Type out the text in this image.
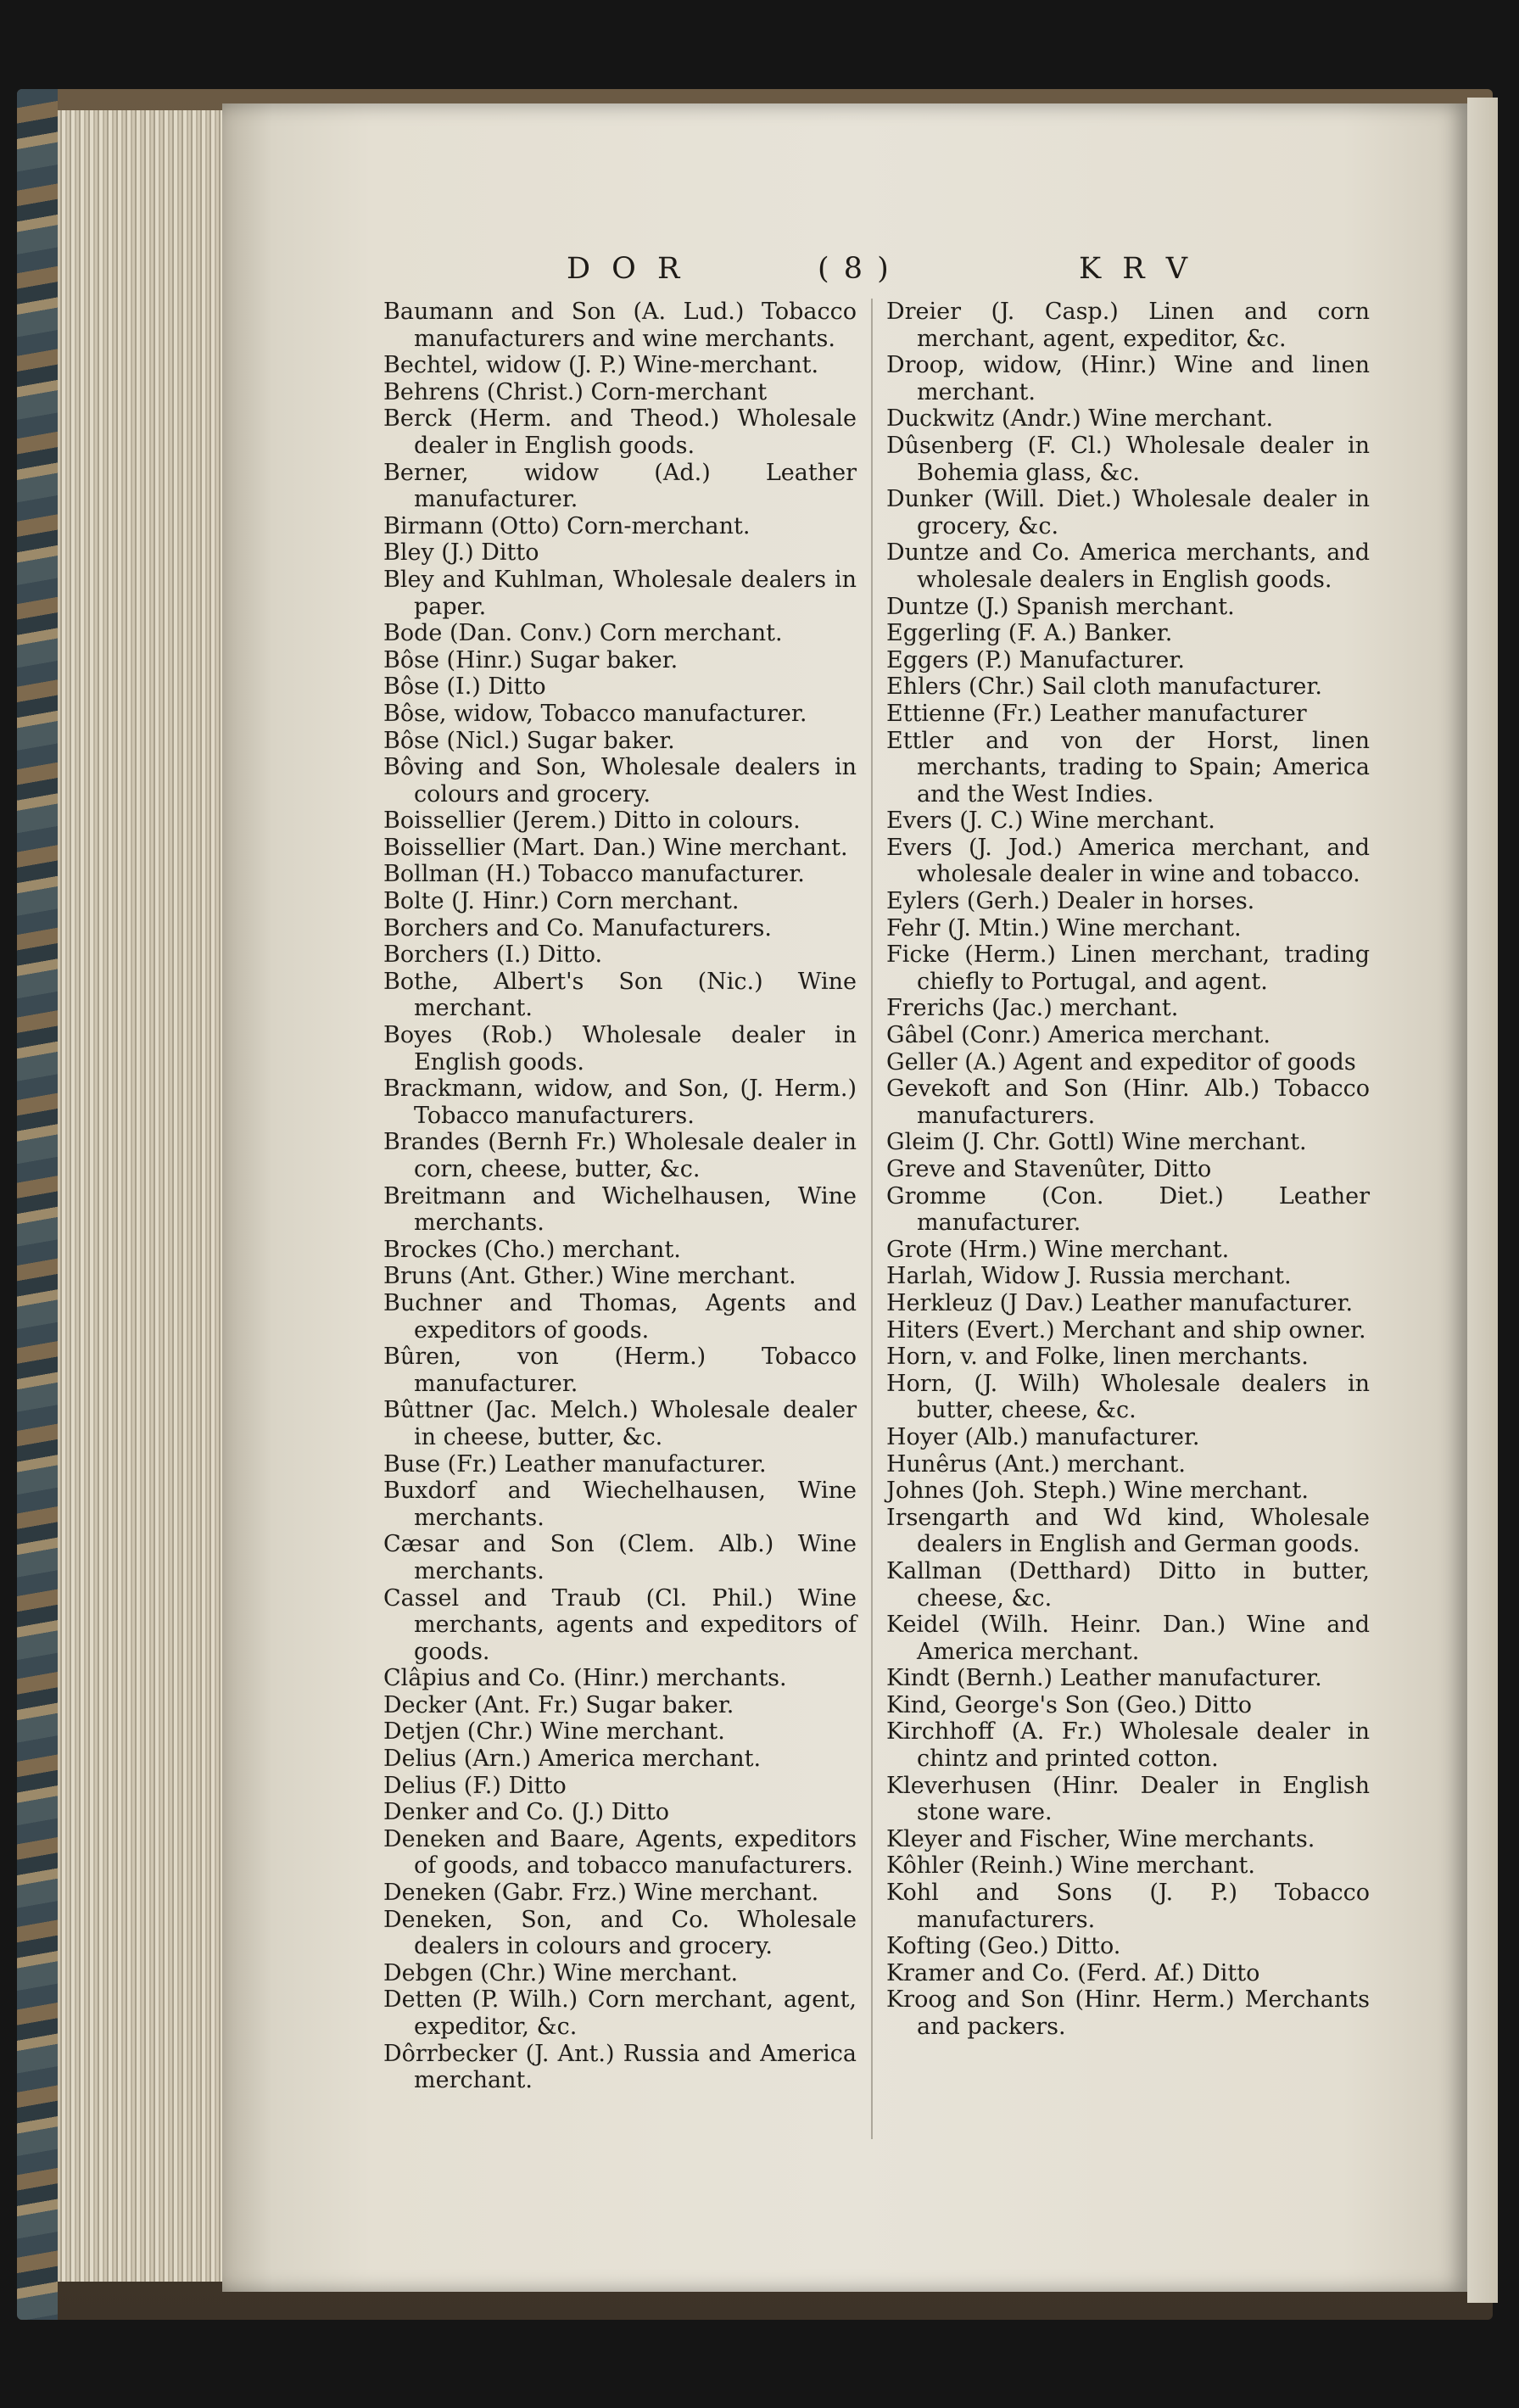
D O R	( 8 )	K R V

Baumann and Son (A. Lud.) Tobacco manufacturers and wine merchants.

Bechtel, widow (J. P.) Wine-merchant.

Behrens (Christ.) Corn-merchant

Berck (Herm. and Theod.) Wholesale dealer in English goods.

Berner, widow (Ad.) Leather manufacturer.

Birmann (Otto) Corn-merchant.

Bley (J.) Ditto

Bley and Kuhlman, Wholesale dealers in paper.

Bode (Dan. Conv.) Corn merchant.

Bôse (Hinr.) Sugar baker.

Bôse (I.) Ditto

Bôse, widow, Tobacco manufacturer.

Bôse (Nicl.) Sugar baker.

Bôving and Son, Wholesale dealers in colours and grocery.

Boissellier (Jerem.) Ditto in colours.

Boissellier (Mart. Dan.) Wine merchant.

Bollman (H.) Tobacco manufacturer.

Bolte (J. Hinr.) Corn merchant.

Borchers and Co. Manufacturers.

Borchers (I.) Ditto.

Bothe, Albert's Son (Nic.) Wine merchant.

Boyes (Rob.) Wholesale dealer in English goods.

Brackmann, widow, and Son, (J. Herm.) Tobacco manufacturers.

Brandes (Bernh Fr.) Wholesale dealer in corn, cheese, butter, &c.

Breitmann and Wichelhausen, Wine merchants.

Brockes (Cho.) merchant.

Bruns (Ant. Gther.) Wine merchant.

Buchner and Thomas, Agents and expeditors of goods.

Bûren, von (Herm.) Tobacco manufacturer.

Bûttner (Jac. Melch.) Wholesale dealer in cheese, butter, &c.

Buse (Fr.) Leather manufacturer.

Buxdorf and Wiechelhausen, Wine merchants.

Cæsar and Son (Clem. Alb.) Wine merchants.

Cassel and Traub (Cl. Phil.) Wine merchants, agents and expeditors of goods.

Clâpius and Co. (Hinr.) merchants.

Decker (Ant. Fr.) Sugar baker.

Detjen (Chr.) Wine merchant.

Delius (Arn.) America merchant.

Delius (F.) Ditto

Denker and Co. (J.) Ditto

Deneken and Baare, Agents, expeditors of goods, and tobacco manufacturers.

Deneken (Gabr. Frz.) Wine merchant.

Deneken, Son, and Co. Wholesale dealers in colours and grocery.

Debgen (Chr.) Wine merchant.

Detten (P. Wilh.) Corn merchant, agent, expeditor, &c.

Dôrrbecker (J. Ant.) Russia and America merchant.

Dreier (J. Casp.) Linen and corn merchant, agent, expeditor, &c.

Droop, widow, (Hinr.) Wine and linen merchant.

Duckwitz (Andr.) Wine merchant.

Dûsenberg (F. Cl.) Wholesale dealer in Bohemia glass, &c.

Dunker (Will. Diet.) Wholesale dealer in grocery, &c.

Duntze and Co. America merchants, and wholesale dealers in English goods.

Duntze (J.) Spanish merchant.

Eggerling (F. A.) Banker.

Eggers (P.) Manufacturer.

Ehlers (Chr.) Sail cloth manufacturer.

Ettienne (Fr.) Leather manufacturer

Ettler and von der Horst, linen merchants, trading to Spain; America and the West Indies.

Evers (J. C.) Wine merchant.

Evers (J. Jod.) America merchant, and wholesale dealer in wine and tobacco.

Eylers (Gerh.) Dealer in horses.

Fehr (J. Mtin.) Wine merchant.

Ficke (Herm.) Linen merchant, trading chiefly to Portugal, and agent.

Frerichs (Jac.) merchant.

Gâbel (Conr.) America merchant.

Geller (A.) Agent and expeditor of goods

Gevekoft and Son (Hinr. Alb.) Tobacco manufacturers.

Gleim (J. Chr. Gottl) Wine merchant.

Greve and Stavenûter, Ditto

Gromme (Con. Diet.) Leather manufacturer.

Grote (Hrm.) Wine merchant.

Harlah, Widow J. Russia merchant.

Herkleuz (J Dav.) Leather manufacturer.

Hiters (Evert.) Merchant and ship owner.

Horn, v. and Folke, linen merchants.

Horn, (J. Wilh) Wholesale dealers in butter, cheese, &c.

Hoyer (Alb.) manufacturer.

Hunêrus (Ant.) merchant.

Johnes (Joh. Steph.) Wine merchant.

Irsengarth and Wd kind, Wholesale dealers in English and German goods.

Kallman (Detthard) Ditto in butter, cheese, &c.

Keidel (Wilh. Heinr. Dan.) Wine and America merchant.

Kindt (Bernh.) Leather manufacturer.

Kind, George's Son (Geo.) Ditto

Kirchhoff (A. Fr.) Wholesale dealer in chintz and printed cotton.

Kleverhusen (Hinr. Dealer in English stone ware.

Kleyer and Fischer, Wine merchants.

Kôhler (Reinh.) Wine merchant.

Kohl and Sons (J. P.) Tobacco manufacturers.

Kofting (Geo.) Ditto.

Kramer and Co. (Ferd. Af.) Ditto

Kroog and Son (Hinr. Herm.) Merchants and packers.
